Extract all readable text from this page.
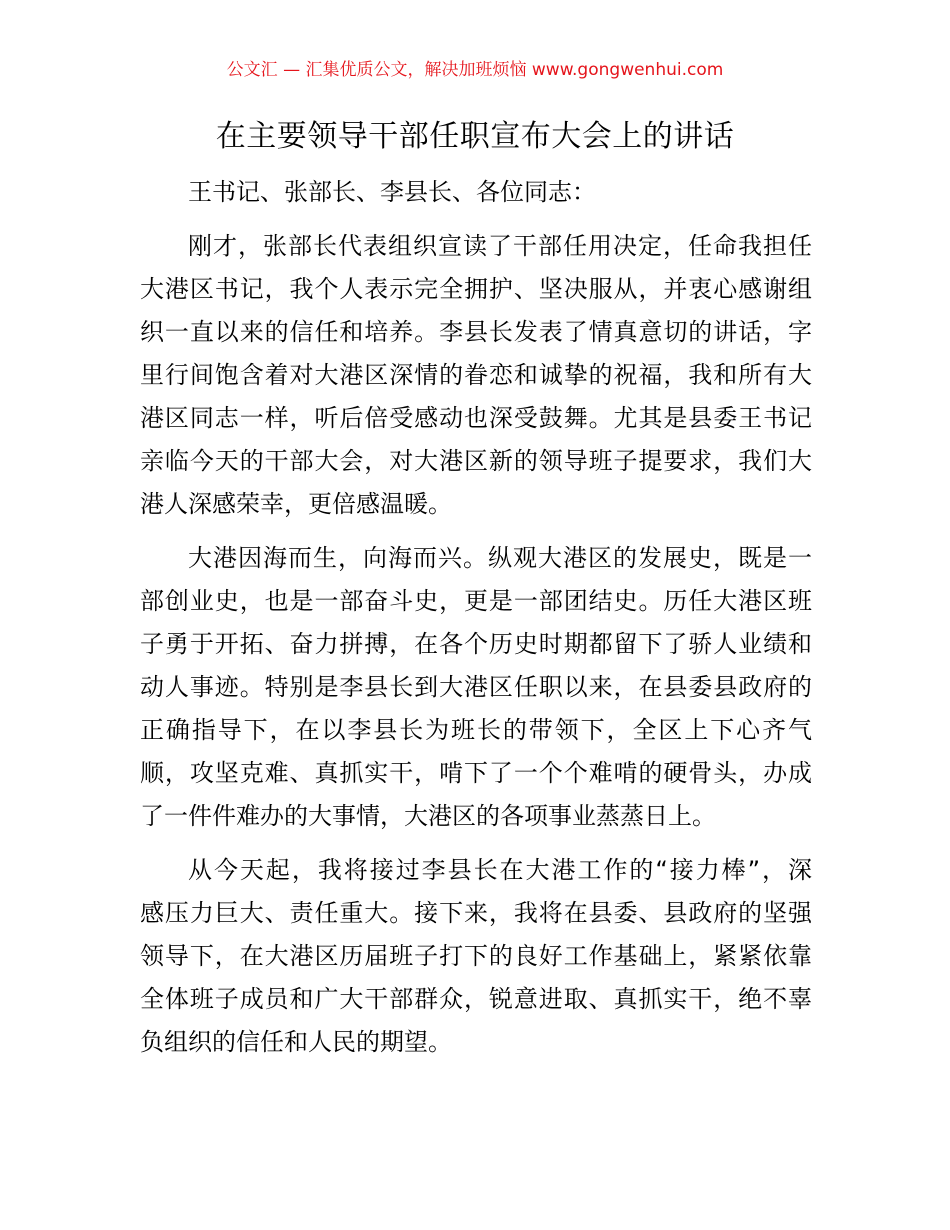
公文汇 — 汇集优质公文，解决加班烦恼 www.gongwenhui.com
在主要领导干部任职宣布大会上的讲话
王书记、张部长、李县长、各位同志：
刚才，张部长代表组织宣读了干部任用决定，任命我担任
大港区书记，我个人表示完全拥护、坚决服从，并衷心感谢组
织一直以来的信任和培养。李县长发表了情真意切的讲话，字
里行间饱含着对大港区深情的眷恋和诚挚的祝福，我和所有大
港区同志一样，听后倍受感动也深受鼓舞。尤其是县委王书记
亲临今天的干部大会，对大港区新的领导班子提要求，我们大
港人深感荣幸，更倍感温暖。
大港因海而生，向海而兴。纵观大港区的发展史，既是一
部创业史，也是一部奋斗史，更是一部团结史。历任大港区班
子勇于开拓、奋力拼搏，在各个历史时期都留下了骄人业绩和
动人事迹。特别是李县长到大港区任职以来，在县委县政府的
正确指导下，在以李县长为班长的带领下，全区上下心齐气
顺，攻坚克难、真抓实干，啃下了一个个难啃的硬骨头，办成
了一件件难办的大事情，大港区的各项事业蒸蒸日上。
从今天起，我将接过李县长在大港工作的“接力棒”，深
感压力巨大、责任重大。接下来，我将在县委、县政府的坚强
领导下，在大港区历届班子打下的良好工作基础上，紧紧依靠
全体班子成员和广大干部群众，锐意进取、真抓实干，绝不辜
负组织的信任和人民的期望。
